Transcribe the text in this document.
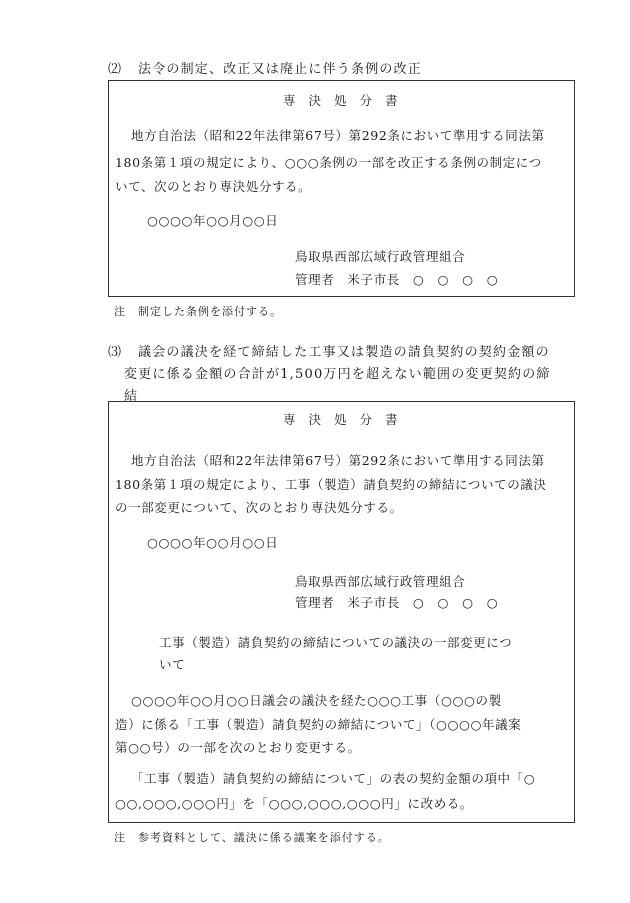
⑵ 法令の制定、改正又は廃止に伴う条例の改正
専決処分書
地方自治法（昭和22年法律第67号）第292条において準用する同法第
180条第１項の規定により、○○○条例の一部を改正する条例の制定につ
いて、次のとおり専決処分する。
○○○○年○○月○○日
鳥取県西部広域行政管理組合
管理者　米子市長　○　○　○　○
注　制定した条例を添付する。
⑶ 議会の議決を経て締結した工事又は製造の請負契約の契約金額の
変更に係る金額の合計が1,500万円を超えない範囲の変更契約の締
結
専決処分書
地方自治法（昭和22年法律第67号）第292条において準用する同法第
180条第１項の規定により、工事（製造）請負契約の締結についての議決
の一部変更について、次のとおり専決処分する。
○○○○年○○月○○日
鳥取県西部広域行政管理組合
管理者　米子市長　○　○　○　○
工事（製造）請負契約の締結についての議決の一部変更につ
いて
○○○○年○○月○○日議会の議決を経た○○○工事（○○○の製
造）に係る「工事（製造）請負契約の締結について」（○○○○年議案
第○○号）の一部を次のとおり変更する。
「工事（製造）請負契約の締結について」の表の契約金額の項中「○
○○,○○○,○○○円」を「○○○,○○○,○○○円」に改める。
注　参考資料として、議決に係る議案を添付する。
